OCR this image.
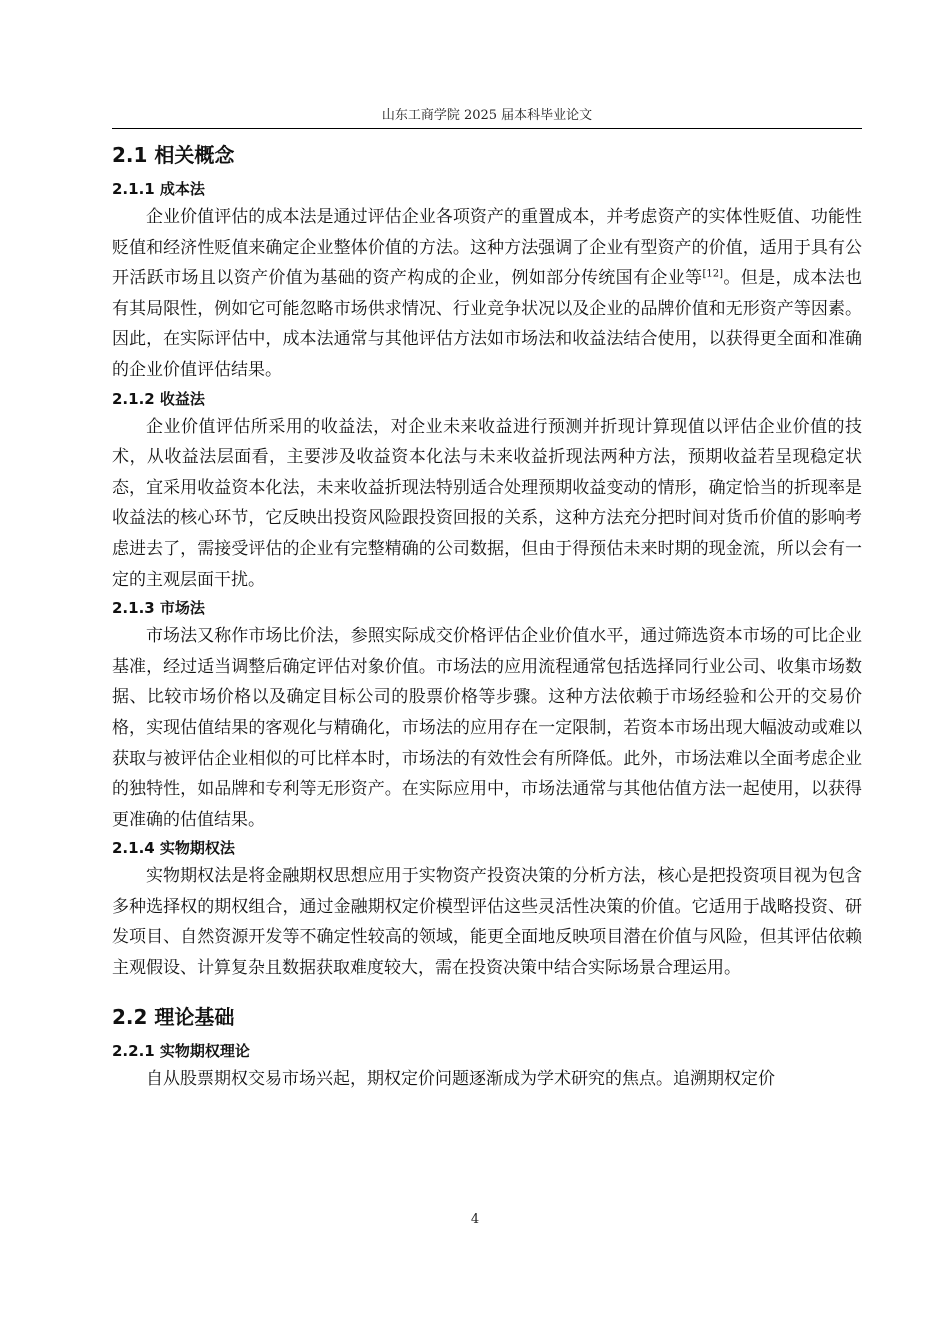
山东工商学院 2025 届本科毕业论文
2.1 相关概念
2.1.1 成本法

企业价值评估的成本法是通过评估企业各项资产的重置成本，并考虑资产的实体性贬值、功能性贬值和经济性贬值来确定企业整体价值的方法。这种方法强调了企业有型资产的价值，适用于具有公开活跃市场且以资产价值为基础的资产构成的企业，例如部分传统国有企业等[12]。但是，成本法也有其局限性，例如它可能忽略市场供求情况、行业竞争状况以及企业的品牌价值和无形资产等因素。因此，在实际评估中，成本法通常与其他评估方法如市场法和收益法结合使用，以获得更全面和准确的企业价值评估结果。

2.1.2 收益法

企业价值评估所采用的收益法，对企业未来收益进行预测并折现计算现值以评估企业价值的技术，从收益法层面看，主要涉及收益资本化法与未来收益折现法两种方法，预期收益若呈现稳定状态，宜采用收益资本化法，未来收益折现法特别适合处理预期收益变动的情形，确定恰当的折现率是收益法的核心环节，它反映出投资风险跟投资回报的关系，这种方法充分把时间对货币价值的影响考虑进去了，需接受评估的企业有完整精确的公司数据，但由于得预估未来时期的现金流，所以会有一定的主观层面干扰。

2.1.3 市场法

市场法又称作市场比价法，参照实际成交价格评估企业价值水平，通过筛选资本市场的可比企业基准，经过适当调整后确定评估对象价值。市场法的应用流程通常包括选择同行业公司、收集市场数据、比较市场价格以及确定目标公司的股票价格等步骤。这种方法依赖于市场经验和公开的交易价格，实现估值结果的客观化与精确化，市场法的应用存在一定限制，若资本市场出现大幅波动或难以获取与被评估企业相似的可比样本时，市场法的有效性会有所降低。此外，市场法难以全面考虑企业的独特性，如品牌和专利等无形资产。在实际应用中，市场法通常与其他估值方法一起使用，以获得更准确的估值结果。

2.1.4 实物期权法

实物期权法是将金融期权思想应用于实物资产投资决策的分析方法，核心是把投资项目视为包含多种选择权的期权组合，通过金融期权定价模型评估这些灵活性决策的价值。它适用于战略投资、研发项目、自然资源开发等不确定性较高的领域，能更全面地反映项目潜在价值与风险，但其评估依赖主观假设、计算复杂且数据获取难度较大，需在投资决策中结合实际场景合理运用。

2.2 理论基础
2.2.1 实物期权理论

自从股票期权交易市场兴起，期权定价问题逐渐成为学术研究的焦点。追溯期权定价

4
